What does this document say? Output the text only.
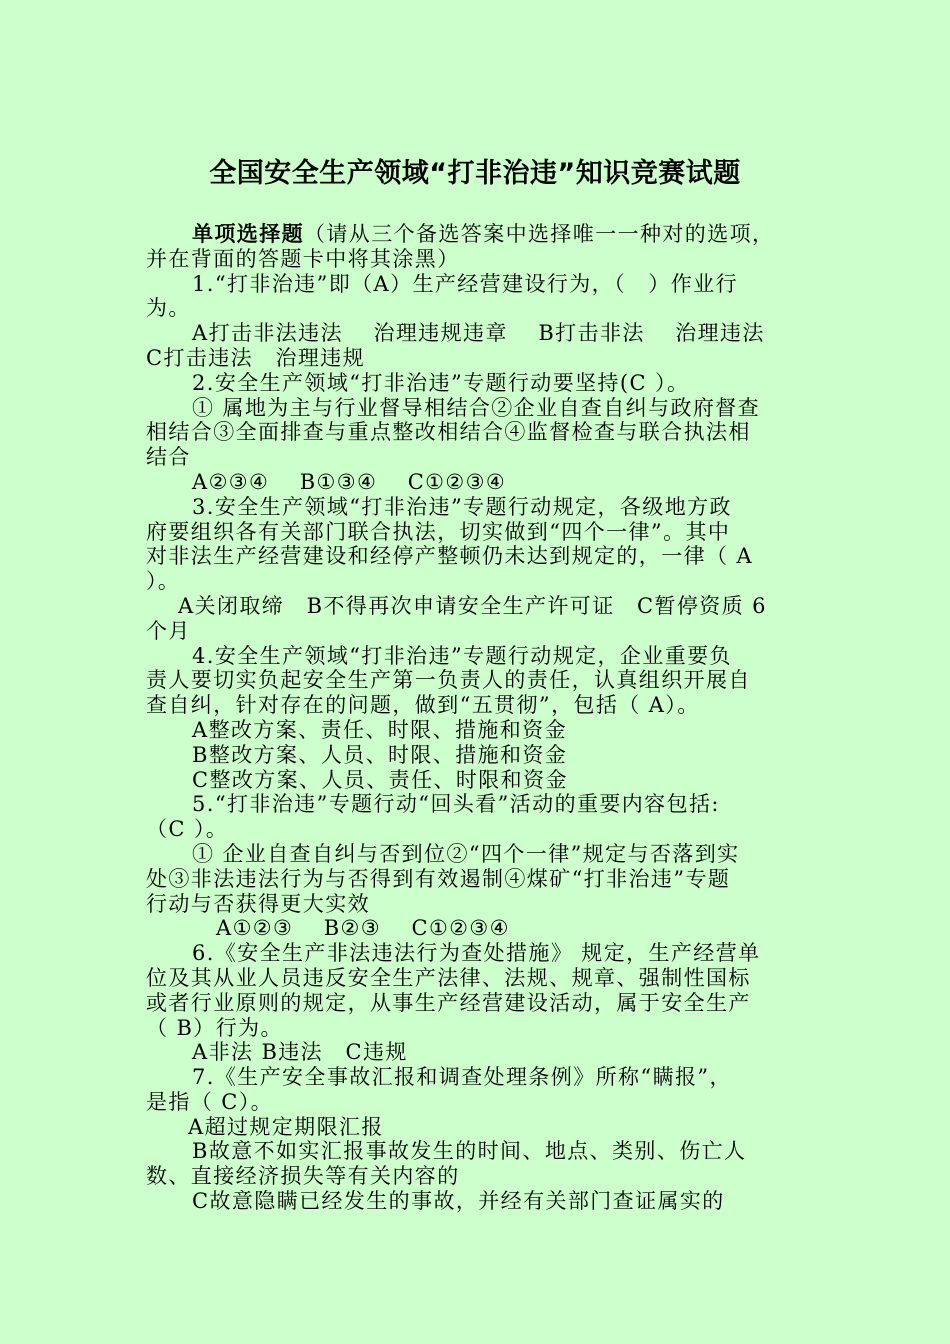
全国安全生产领域“打非治违”知识竞赛试题
单项选择题（请从三个备选答案中选择唯一一种对的选项，
并在背面的答题卡中将其涂黑）
1.“打非治违”即（A）生产经营建设行为，（　）作业行
为。
A打击非法违法　 治理违规违章　 B打击非法　 治理违法
C打击违法　治理违规
2.安全生产领域“打非治违”专题行动要坚持(C ）。
① 属地为主与行业督导相结合②企业自查自纠与政府督查
相结合③全面排查与重点整改相结合④监督检查与联合执法相
结合
A②③④　 B①③④　 C①②③④
3.安全生产领域“打非治违”专题行动规定，各级地方政
府要组织各有关部门联合执法，切实做到“四个一律”。其中
对非法生产经营建设和经停产整顿仍未达到规定的，一律（ A
）。
A关闭取缔　B不得再次申请安全生产许可证　C暂停资质 6
个月
4.安全生产领域“打非治违”专题行动规定，企业重要负
责人要切实负起安全生产第一负责人的责任，认真组织开展自
查自纠，针对存在的问题，做到“五贯彻”，包括（ A）。
A整改方案、责任、时限、措施和资金
B整改方案、人员、时限、措施和资金
C整改方案、人员、责任、时限和资金
5.“打非治违”专题行动“回头看”活动的重要内容包括:
（C ）。
① 企业自查自纠与否到位②“四个一律”规定与否落到实
处③非法违法行为与否得到有效遏制④煤矿“打非治违”专题
行动与否获得更大实效
A①②③　 B②③　 C①②③④
6.《安全生产非法违法行为查处措施》 规定，生产经营单
位及其从业人员违反安全生产法律、法规、规章、强制性国标
或者行业原则的规定，从事生产经营建设活动，属于安全生产
（ B）行为。
A非法 B违法　C违规
7.《生产安全事故汇报和调查处理条例》所称“瞒报”，
是指（ C）。
A超过规定期限汇报
B故意不如实汇报事故发生的时间、地点、类别、伤亡人
数、直接经济损失等有关内容的
C故意隐瞒已经发生的事故，并经有关部门查证属实的
